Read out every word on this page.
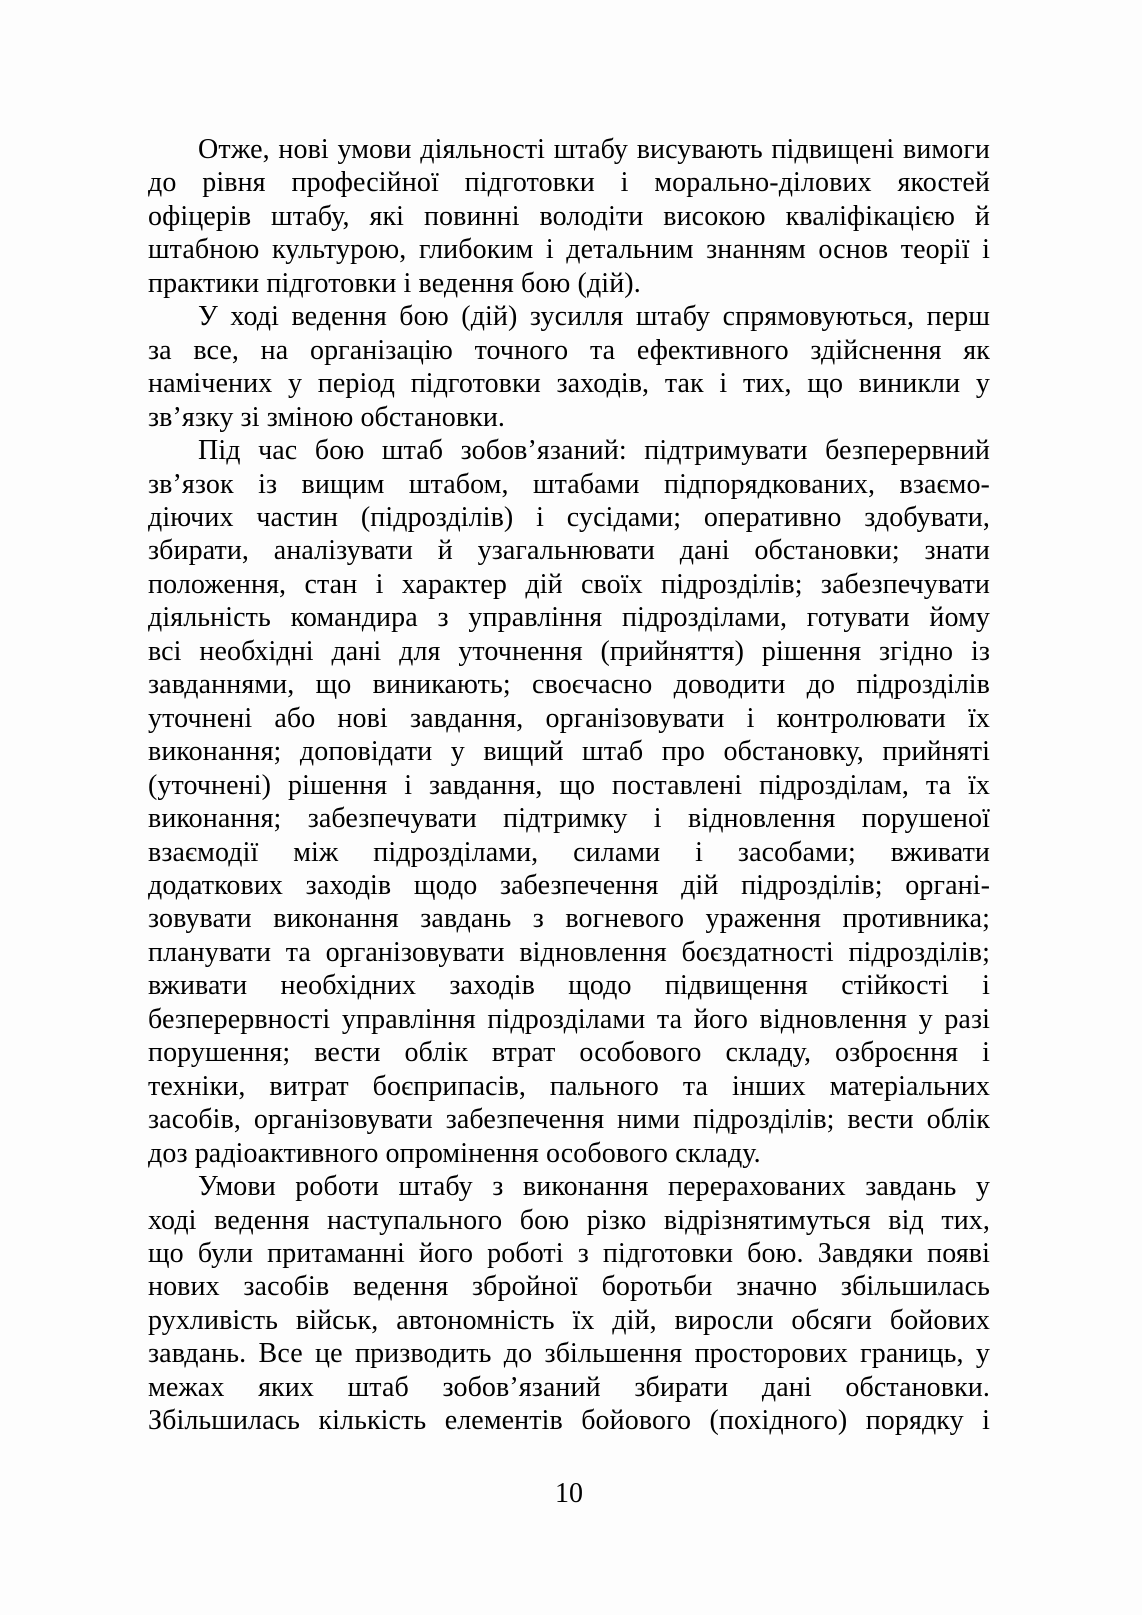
Отже, нові умови діяльності штабу висувають підвищені вимоги
до рівня професійної підготовки і морально-ділових якостей
офіцерів штабу, які повинні володіти високою кваліфікацією й
штабною культурою, глибоким і детальним знанням основ теорії і
практики підготовки і ведення бою (дій).
У ході ведення бою (дій) зусилля штабу спрямовуються, перш
за все, на організацію точного та ефективного здійснення як
намічених у період підготовки заходів, так і тих, що виникли у
зв’язку зі зміною обстановки.
Під час бою штаб зобов’язаний: підтримувати безперервний
зв’язок із вищим штабом, штабами підпорядкованих, взаємо-
діючих частин (підрозділів) і сусідами; оперативно здобувати,
збирати, аналізувати й узагальнювати дані обстановки; знати
положення, стан і характер дій своїх підрозділів; забезпечувати
діяльність командира з управління підрозділами, готувати йому
всі необхідні дані для уточнення (прийняття) рішення згідно із
завданнями, що виникають; своєчасно доводити до підрозділів
уточнені або нові завдання, організовувати і контролювати їх
виконання; доповідати у вищий штаб про обстановку, прийняті
(уточнені) рішення і завдання, що поставлені підрозділам, та їх
виконання; забезпечувати підтримку і відновлення порушеної
взаємодії між підрозділами, силами і засобами; вживати
додаткових заходів щодо забезпечення дій підрозділів; органі-
зовувати виконання завдань з вогневого ураження противника;
планувати та організовувати відновлення боєздатності підрозділів;
вживати необхідних заходів щодо підвищення стійкості і
безперервності управління підрозділами та його відновлення у разі
порушення; вести облік втрат особового складу, озброєння і
техніки, витрат боєприпасів, пального та інших матеріальних
засобів, організовувати забезпечення ними підрозділів; вести облік
доз радіоактивного опромінення особового складу.
Умови роботи штабу з виконання перерахованих завдань у
ході ведення наступального бою різко відрізнятимуться від тих,
що були притаманні його роботі з підготовки бою. Завдяки появі
нових засобів ведення збройної боротьби значно збільшилась
рухливість військ, автономність їх дій, виросли обсяги бойових
завдань. Все це призводить до збільшення просторових границь, у
межах яких штаб зобов’язаний збирати дані обстановки.
Збільшилась кількість елементів бойового (похідного) порядку і
10
